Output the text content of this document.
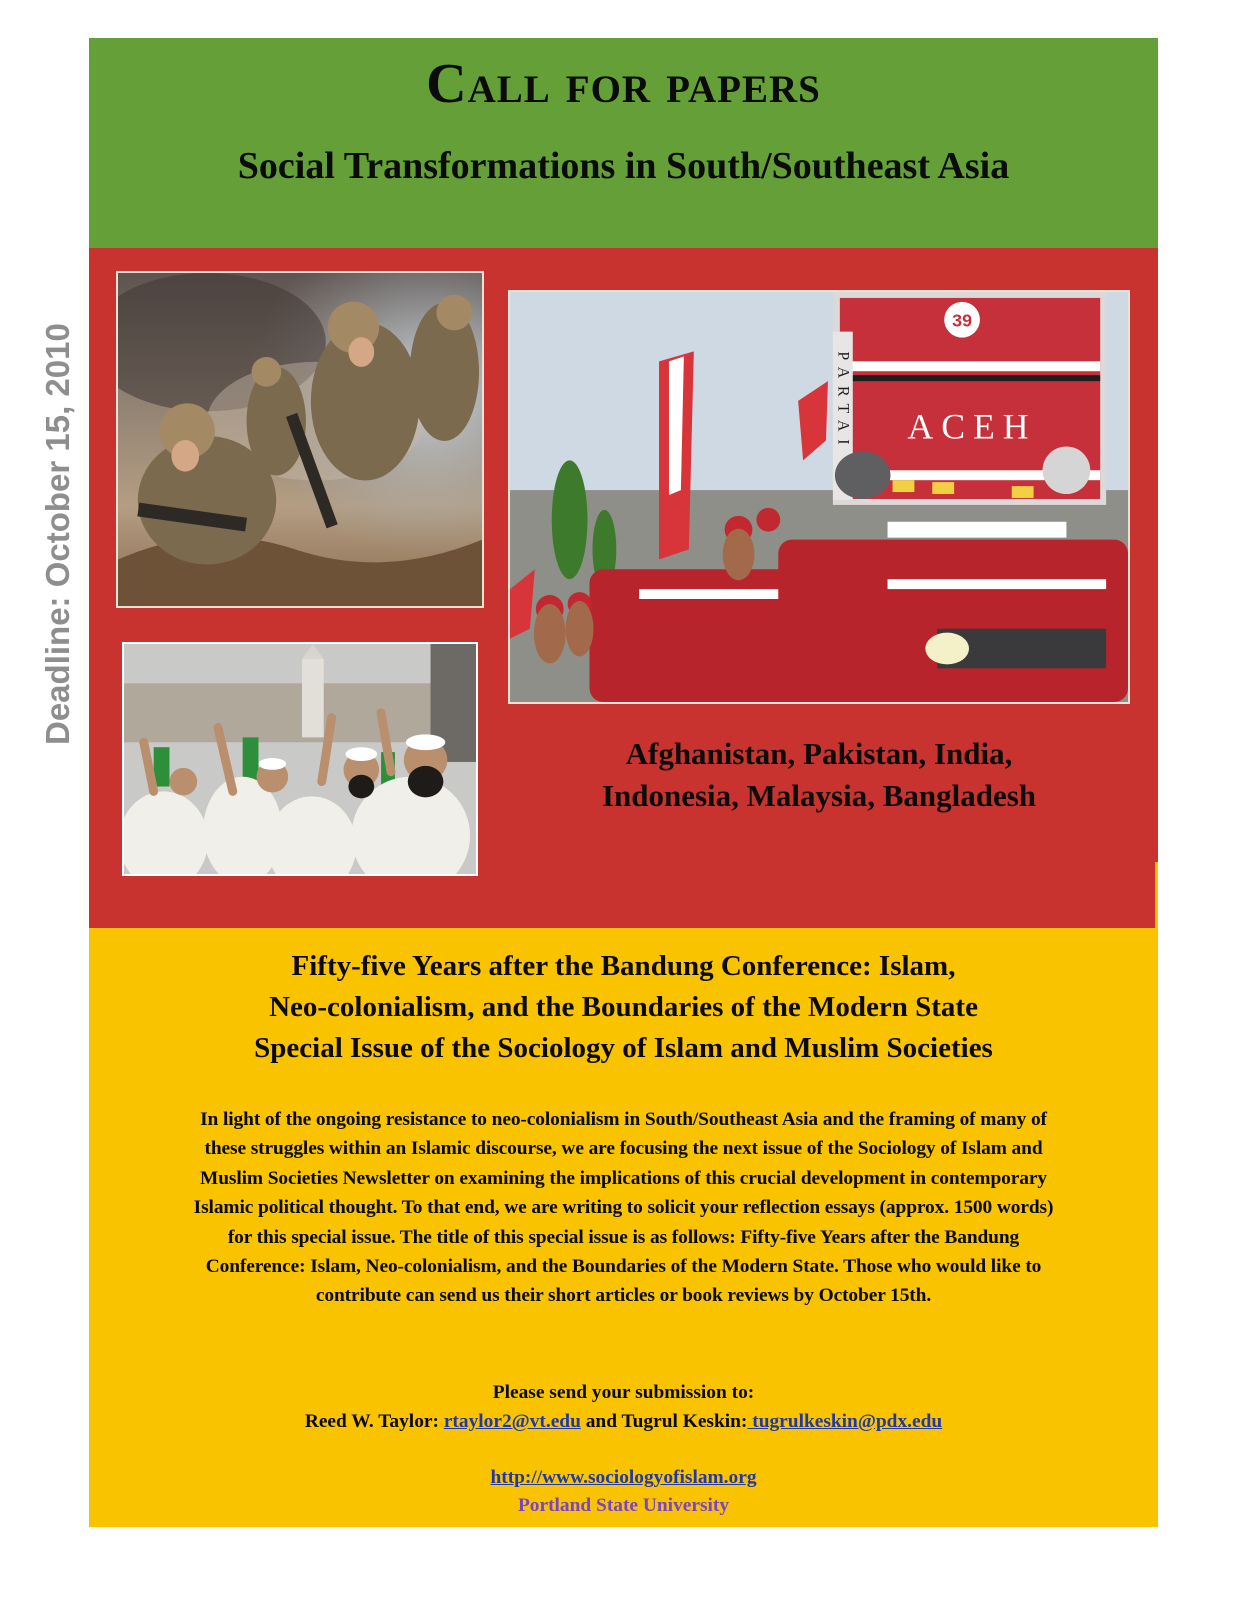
Deadline: October 15, 2010
Call for papers
Social Transformations in South/Southeast Asia
PARTAI
39
ACEH
Afghanistan, Pakistan, India,
Indonesia, Malaysia, Bangladesh
Fifty-five Years after the Bandung Conference: Islam,
Neo-colonialism, and the Boundaries of the Modern State
Special Issue of the Sociology of Islam and Muslim Societies
In light of the ongoing resistance to neo-colonialism in South/Southeast Asia and the framing of many of
these struggles within an Islamic discourse, we are focusing the next issue of the Sociology of Islam and
Muslim Societies Newsletter on examining the implications of this crucial development in contemporary
Islamic political thought. To that end, we are writing to solicit your reflection essays (approx. 1500 words)
for this special issue. The title of this special issue is as follows: Fifty-five Years after the Bandung
Conference: Islam, Neo-colonialism, and the Boundaries of the Modern State. Those who would like to
contribute can send us their short articles or book reviews by October 15th.
Please send your submission to:
Reed W. Taylor: rtaylor2@vt.edu and Tugrul Keskin: tugrulkeskin@pdx.edu
http://www.sociologyofislam.org
Portland State University
